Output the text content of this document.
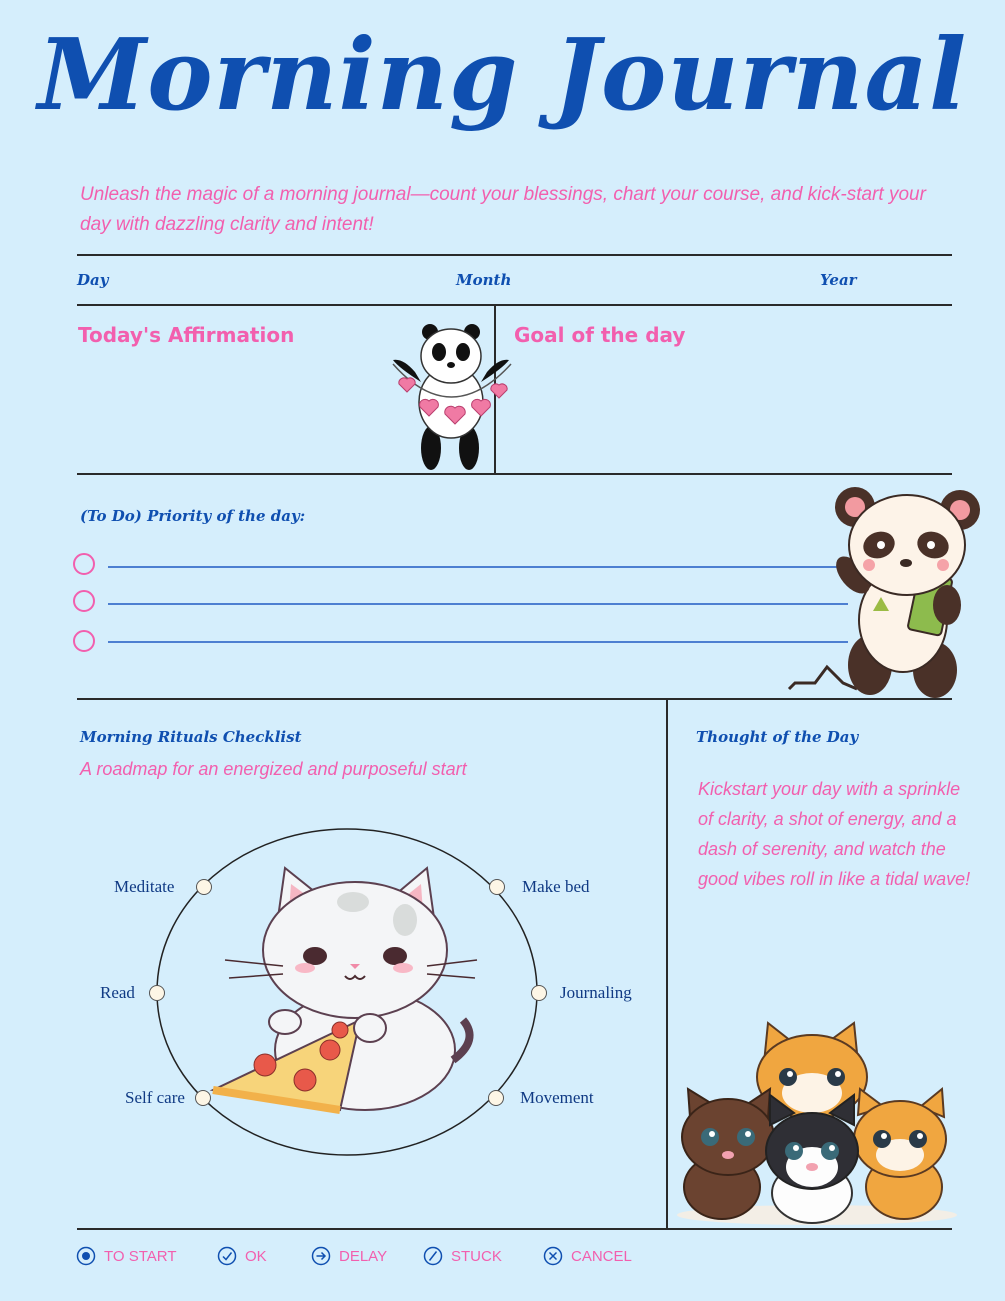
Morning Journal
Unleash the magic of a morning journal—count your blessings, chart your course, and kick-start your day with dazzling clarity and intent!
Day	Month	Year
Today's Affirmation	Goal of the day
(To Do) Priority of the day:
Morning Rituals Checklist
A roadmap for an energized and purposeful start
Meditate	Make bed
Read	Journaling
Self care	Movement
Thought of the Day
Kickstart your day with a sprinkle of clarity, a shot of energy, and a dash of serenity, and watch the good vibes roll in like a tidal wave!
TO START	OK	DELAY	STUCK	CANCEL
